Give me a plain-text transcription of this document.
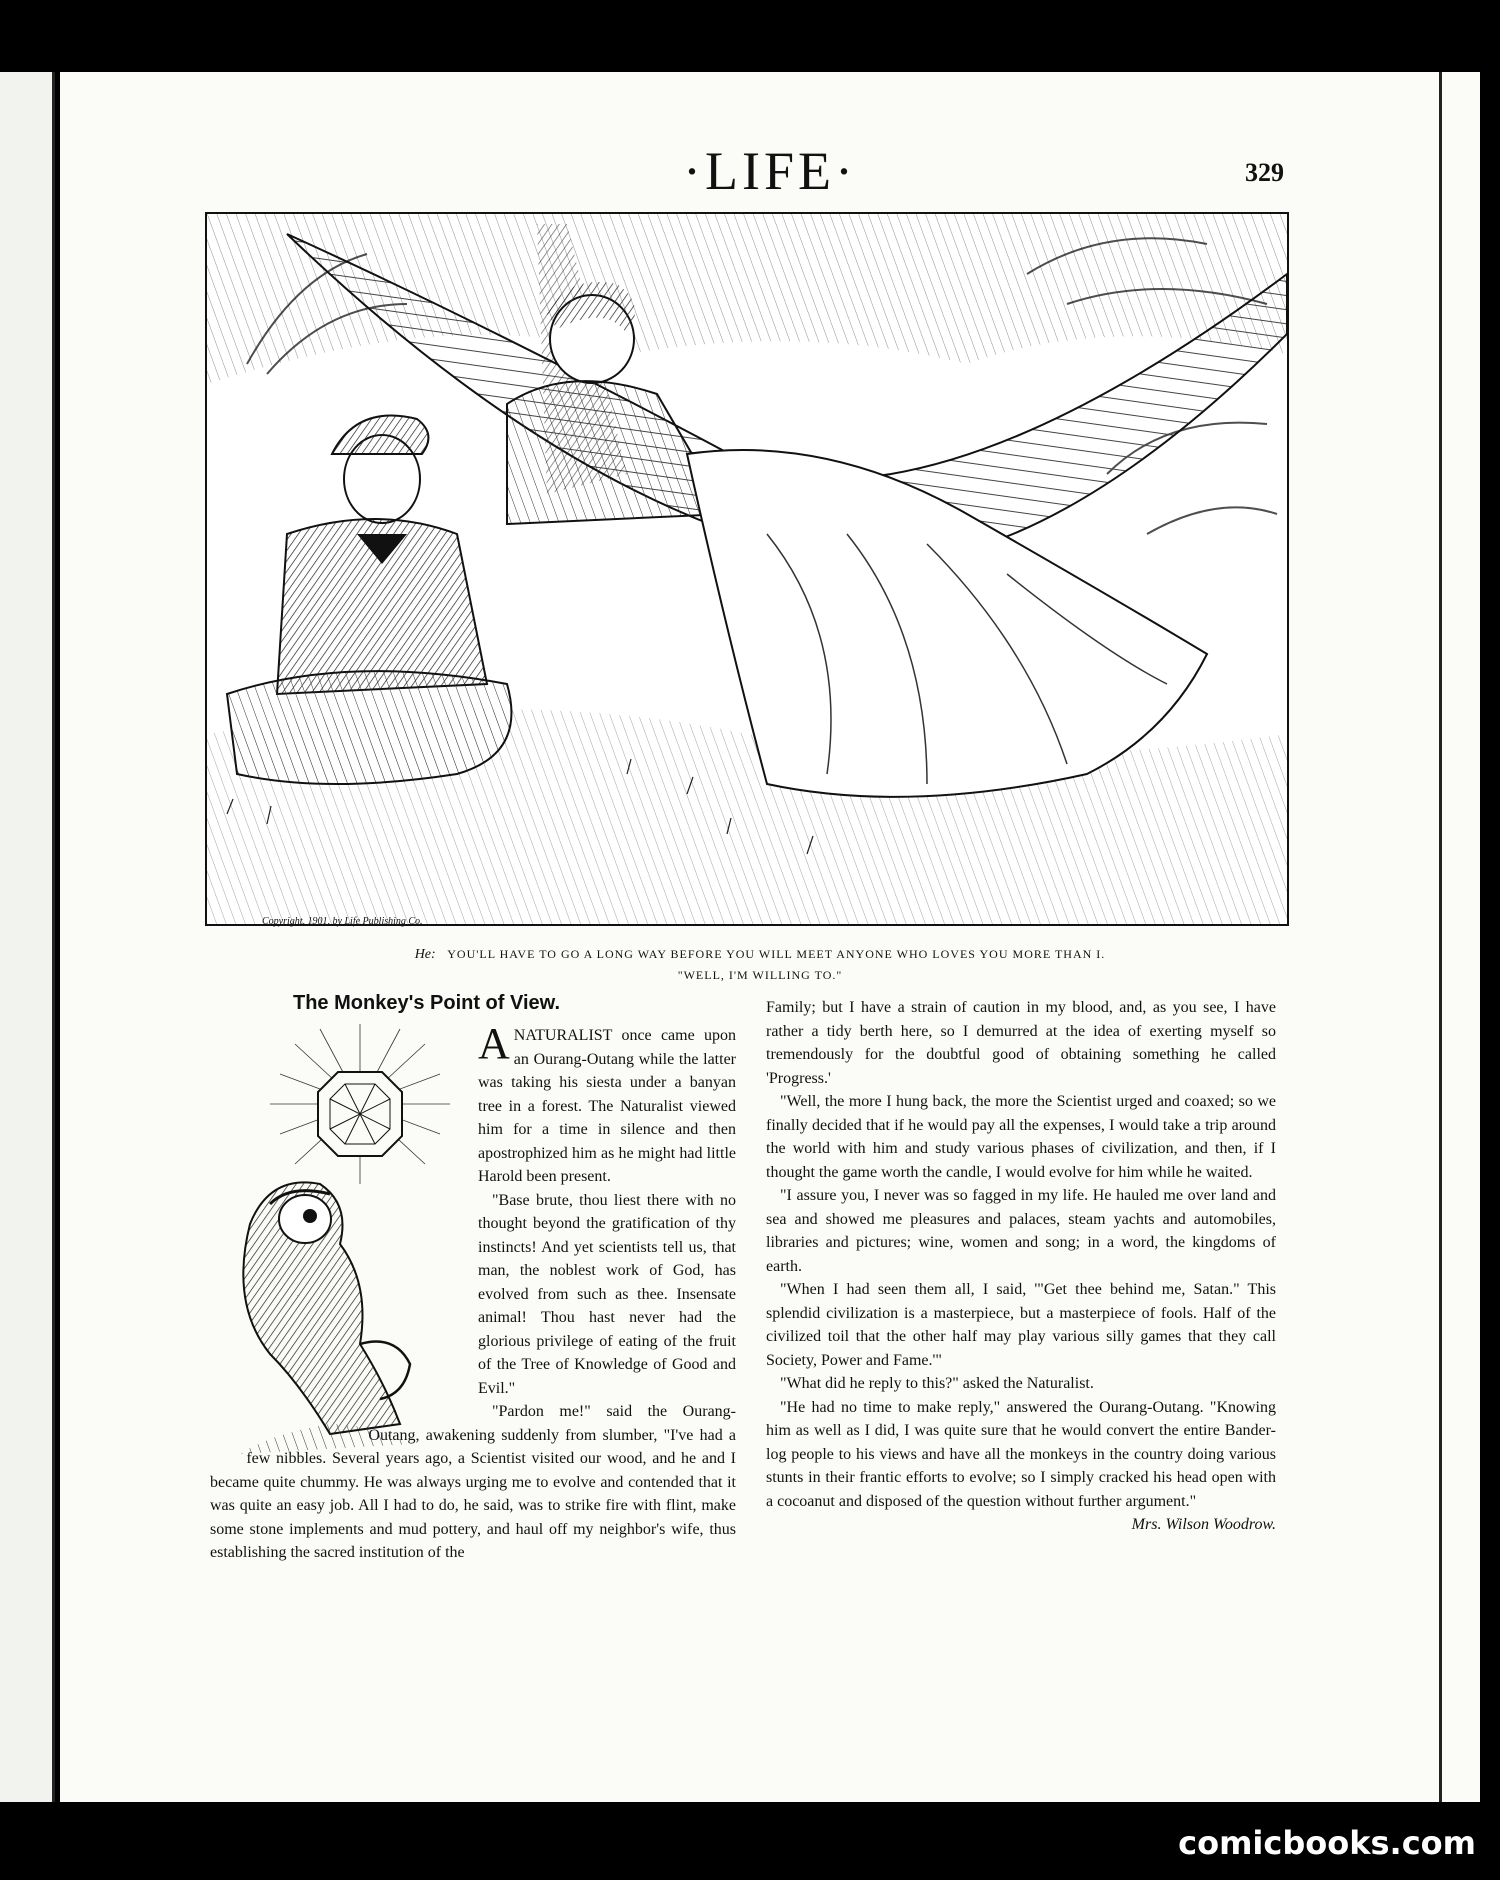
·LIFE·	329
Copyright, 1901, by Life Publishing Co.
He: YOU'LL HAVE TO GO A LONG WAY BEFORE YOU WILL MEET ANYONE WHO LOVES YOU MORE THAN I.
"WELL, I'M WILLING TO."
The Monkey's Point of View.
A NATURALIST once came upon an Ourang-Outang while the latter was taking his siesta under a banyan tree in a forest. The Naturalist viewed him for a time in silence and then apostrophized him as he might had little Harold been present.

"Base brute, thou liest there with no thought beyond the gratification of thy instincts! And yet scientists tell us, that man, the noblest work of God, has evolved from such as thee. Insensate animal! Thou hast never had the glorious privilege of eating of the fruit of the Tree of Knowledge of Good and Evil."

"Pardon me!" said the Ourang-Outang, awakening suddenly from slumber, "I've had a few nibbles. Several years ago, a Scientist visited our wood, and he and I became quite chummy. He was always urging me to evolve and contended that it was quite an easy job. All I had to do, he said, was to strike fire with flint, make some stone implements and mud pottery, and haul off my neighbor's wife, thus establishing the sacred institution of the

Family; but I have a strain of caution in my blood, and, as you see, I have rather a tidy berth here, so I demurred at the idea of exerting myself so tremendously for the doubtful good of obtaining something he called 'Progress.'

"Well, the more I hung back, the more the Scientist urged and coaxed; so we finally decided that if he would pay all the expenses, I would take a trip around the world with him and study various phases of civilization, and then, if I thought the game worth the candle, I would evolve for him while he waited.

"I assure you, I never was so fagged in my life. He hauled me over land and sea and showed me pleasures and palaces, steam yachts and automobiles, libraries and pictures; wine, women and song; in a word, the kingdoms of earth.

"When I had seen them all, I said, '"Get thee behind me, Satan." This splendid civilization is a masterpiece, but a masterpiece of fools. Half of the civilized toil that the other half may play various silly games that they call Society, Power and Fame.'"

"What did he reply to this?" asked the Naturalist.

"He had no time to make reply," answered the Ourang-Outang. "Knowing him as well as I did, I was quite sure that he would convert the entire Bander-log people to his views and have all the monkeys in the country doing various stunts in their frantic efforts to evolve; so I simply cracked his head open with a cocoanut and disposed of the question without further argument."
Mrs. Wilson Woodrow.

comicbooks.com
